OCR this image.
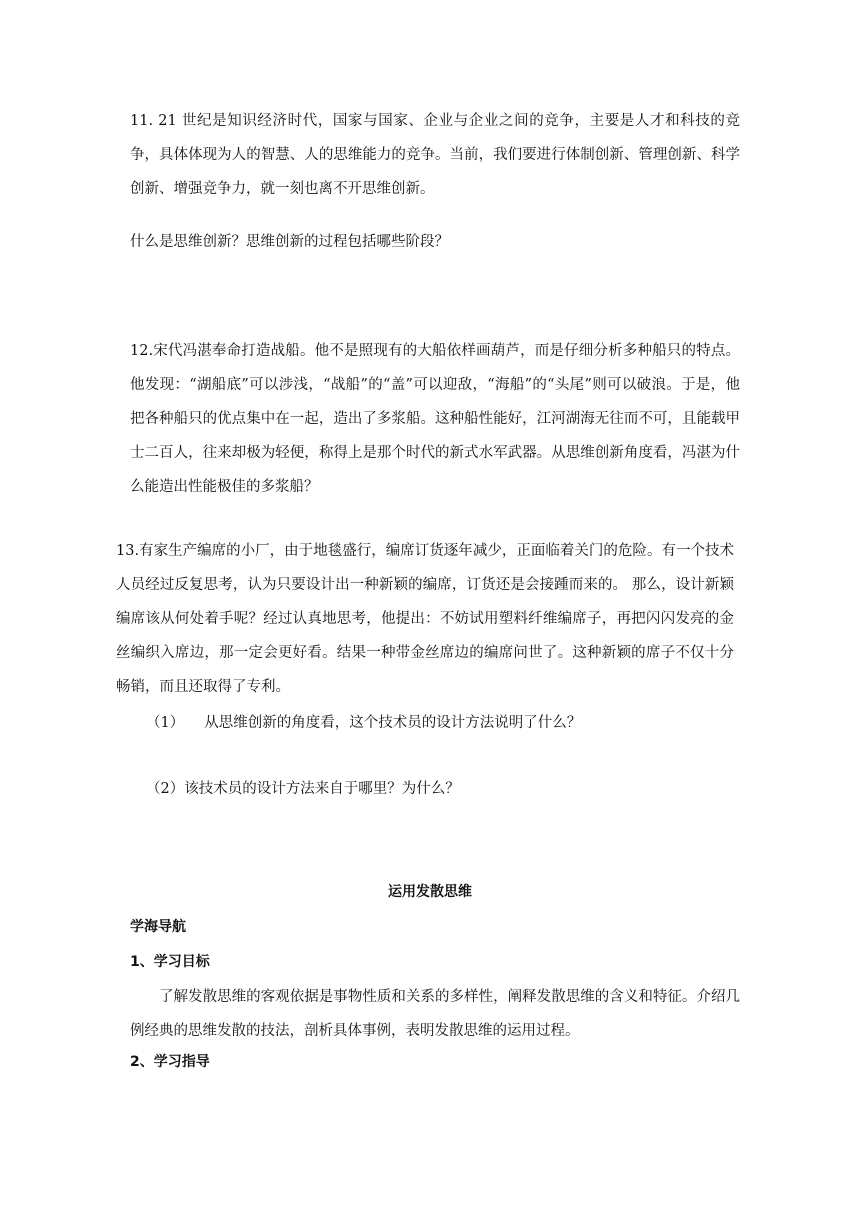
11. 21 世纪是知识经济时代，国家与国家、企业与企业之间的竞争，主要是人才和科技的竞争，具体体现为人的智慧、人的思维能力的竞争。当前，我们要进行体制创新、管理创新、科学创新、增强竞争力，就一刻也离不开思维创新。

什么是思维创新？思维创新的过程包括哪些阶段？

12.宋代冯湛奉命打造战船。他不是照现有的大船依样画葫芦，而是仔细分析多种船只的特点。他发现：“湖船底”可以涉浅，“战船”的“盖”可以迎敌，“海船”的“头尾”则可以破浪。于是，他把各种船只的优点集中在一起，造出了多浆船。这种船性能好，江河湖海无往而不可，且能载甲士二百人，往来却极为轻便，称得上是那个时代的新式水军武器。从思维创新角度看，冯湛为什么能造出性能极佳的多浆船？

13.有家生产编席的小厂，由于地毯盛行，编席订货逐年减少，正面临着关门的危险。有一个技术人员经过反复思考，认为只要设计出一种新颖的编席，订货还是会接踵而来的。 那么，设计新颖编席该从何处着手呢？经过认真地思考，他提出：不妨试用塑料纤维编席子，再把闪闪发亮的金丝编织入席边，那一定会更好看。结果一种带金丝席边的编席问世了。这种新颖的席子不仅十分畅销，而且还取得了专利。

（1） 从思维创新的角度看，这个技术员的设计方法说明了什么？

（2）该技术员的设计方法来自于哪里？为什么？

运用发散思维

学海导航

1、学习目标

了解发散思维的客观依据是事物性质和关系的多样性，阐释发散思维的含义和特征。介绍几例经典的思维发散的技法，剖析具体事例，表明发散思维的运用过程。

2、学习指导
